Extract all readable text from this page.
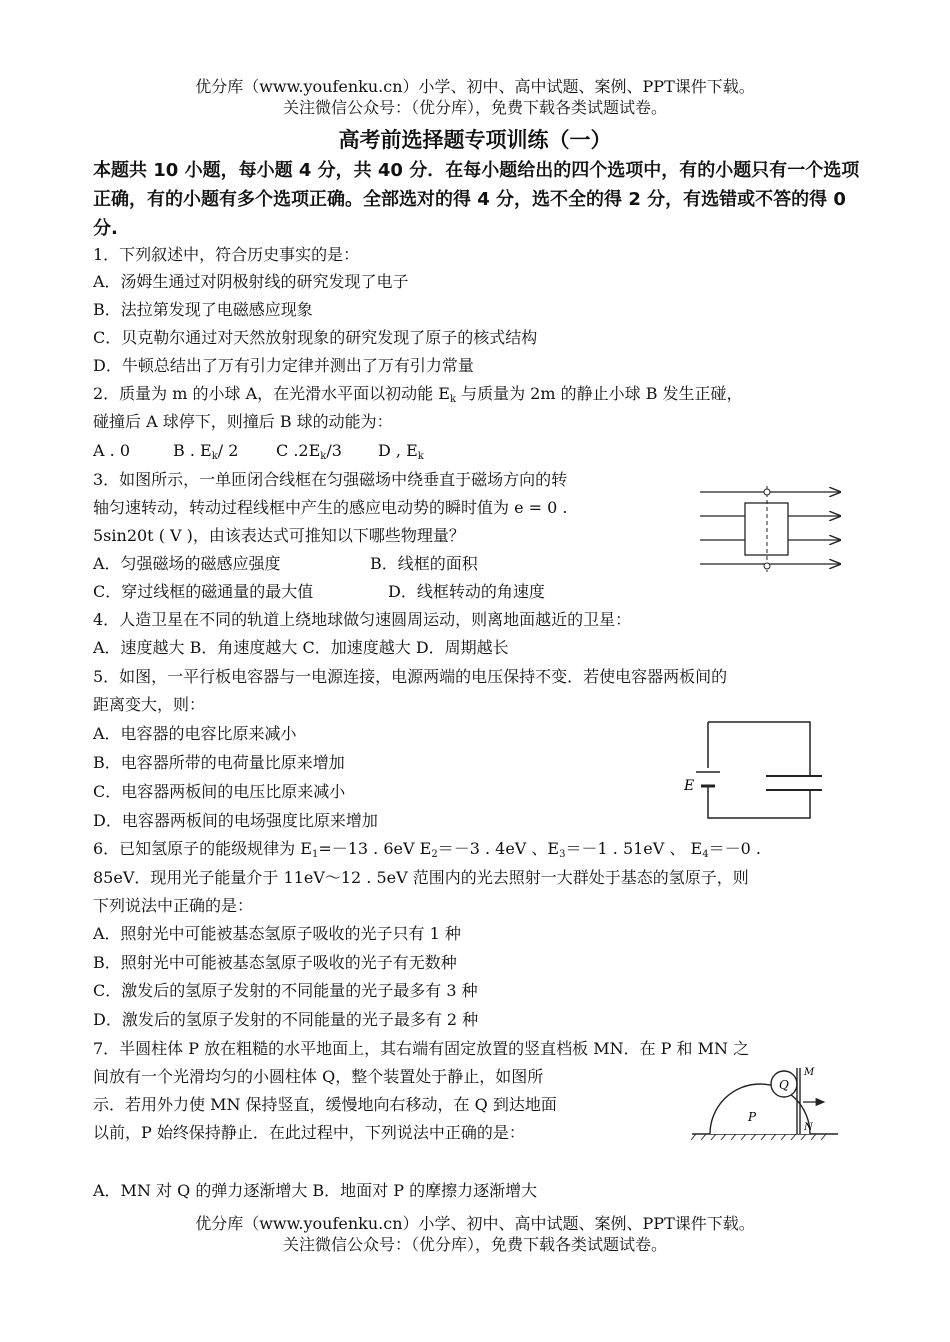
优分库（www.youfenku.cn）小学、初中、高中试题、案例、PPT课件下载。
关注微信公众号：（优分库），免费下载各类试题试卷。
高考前选择题专项训练（一）
本题共 10 小题，每小题 4 分，共 40 分．在每小题给出的四个选项中，有的小题只有一个选项正确，有的小题有多个选项正确。全部选对的得 4 分，选不全的得 2 分，有选错或不答的得 0 分.
1．下列叙述中，符合历史事实的是：
A．汤姆生通过对阴极射线的研究发现了电子
B．法拉第发现了电磁感应现象
C．贝克勒尔通过对天然放射现象的研究发现了原子的核式结构
D．牛顿总结出了万有引力定律并测出了万有引力常量
2．质量为 m 的小球 A，在光滑水平面以初动能 $E_k$ 与质量为 2m 的静止小球 B 发生正碰，
碰撞后 A 球停下，则撞后 B 球的动能为：
A . 0	B . $E_k/$ 2 C $.2E_k/3$ D , $E_k$
3．如图所示，一单匝闭合线框在匀强磁场中绕垂直于磁场方向的转
轴匀速转动，转动过程线框中产生的感应电动势的瞬时值为 e = 0 .
5sin20t ( V )，由该表达式可推知以下哪些物理量？
A．匀强磁场的磁感应强度	B．线框的面积
C．穿过线框的磁通量的最大值	D．线框转动的角速度
4．人造卫星在不同的轨道上绕地球做匀速圆周运动，则离地面越近的卫星：
A．速度越大 B．角速度越大 C．加速度越大 D．周期越长
5．如图，一平行板电容器与一电源连接，电源两端的电压保持不变．若使电容器两板间的
距离变大，则：
A．电容器的电容比原来减小
B．电容器所带的电荷量比原来增加
C．电容器两板间的电压比原来减小
D．电容器两板间的电场强度比原来增加
E
6．已知氢原子的能级规律为 $E_1=-13$ . 6eV $E_2=-3$ . 4eV 、$E_3=-1$ . 51eV 、 $E_4=-0$ .
85eV．现用光子能量介于 11eV～12 . 5eV 范围内的光去照射一大群处于基态的氢原子，则
下列说法中正确的是：
A．照射光中可能被基态氢原子吸收的光子只有 1 种
B．照射光中可能被基态氢原子吸收的光子有无数种
C．激发后的氢原子发射的不同能量的光子最多有 3 种
D．激发后的氢原子发射的不同能量的光子最多有 2 种
7．半圆柱体 P 放在粗糙的水平地面上，其右端有固定放置的竖直档板 MN．在 P 和 MN 之
间放有一个光滑均匀的小圆柱体 Q，整个装置处于静止，如图所
示．若用外力使 MN 保持竖直，缓慢地向右移动，在 Q 到达地面
以前，P 始终保持静止．在此过程中，下列说法中正确的是：
A．MN 对 Q 的弹力逐渐增大 B．地面对 P 的摩擦力逐渐增大
Q
P
M
N
优分库（www.youfenku.cn）小学、初中、高中试题、案例、PPT课件下载。
关注微信公众号：（优分库），免费下载各类试题试卷。
